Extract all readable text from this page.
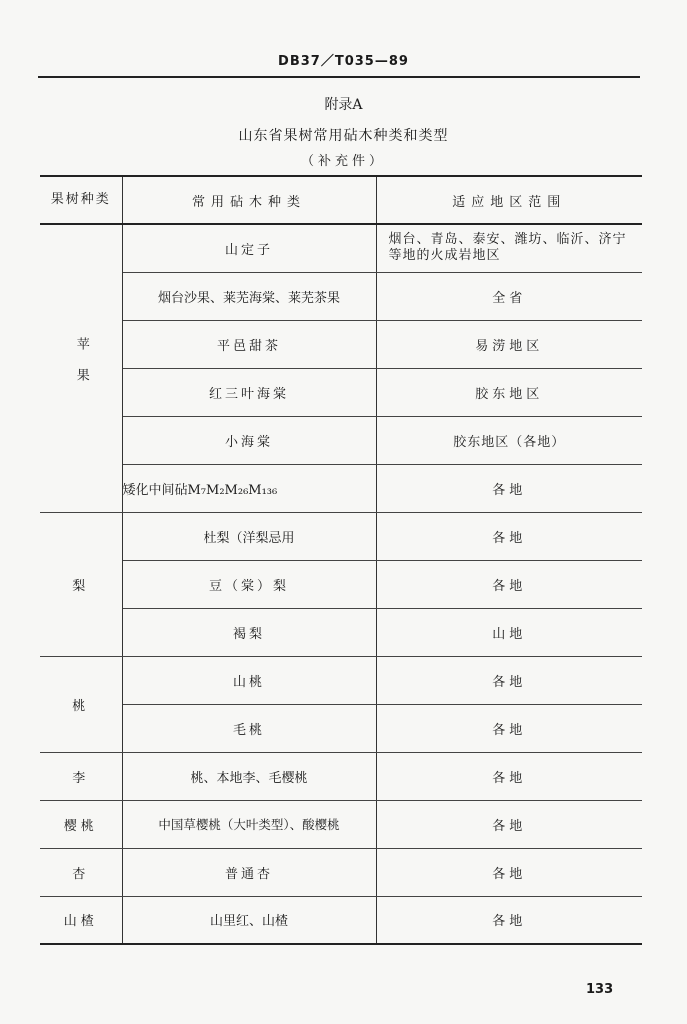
DB37／T035—89
附录A
山东省果树常用砧木种类和类型
（补充件）
果树种类	常用砧木种类	适应地区范围
苹果	山定子	烟台、青岛、泰安、潍坊、临沂、济宁等地的火成岩地区
	烟台沙果、莱芜海棠、莱芜茶果	全省
	平邑甜茶	易涝地区
	红三叶海棠	胶东地区
	小海棠	胶东地区（各地）
	矮化中间砧M₇M₂M₂₆M₁₃₆	各地
梨	杜梨（洋梨忌用	各地
	豆（棠）梨	各地
	褐梨	山地
桃	山桃	各地
	毛桃	各地
李	桃、本地李、毛樱桃	各地
樱桃	中国草樱桃（大叶类型）、酸樱桃	各地
杏	普通杏	各地
山楂	山里红、山楂	各地
133
